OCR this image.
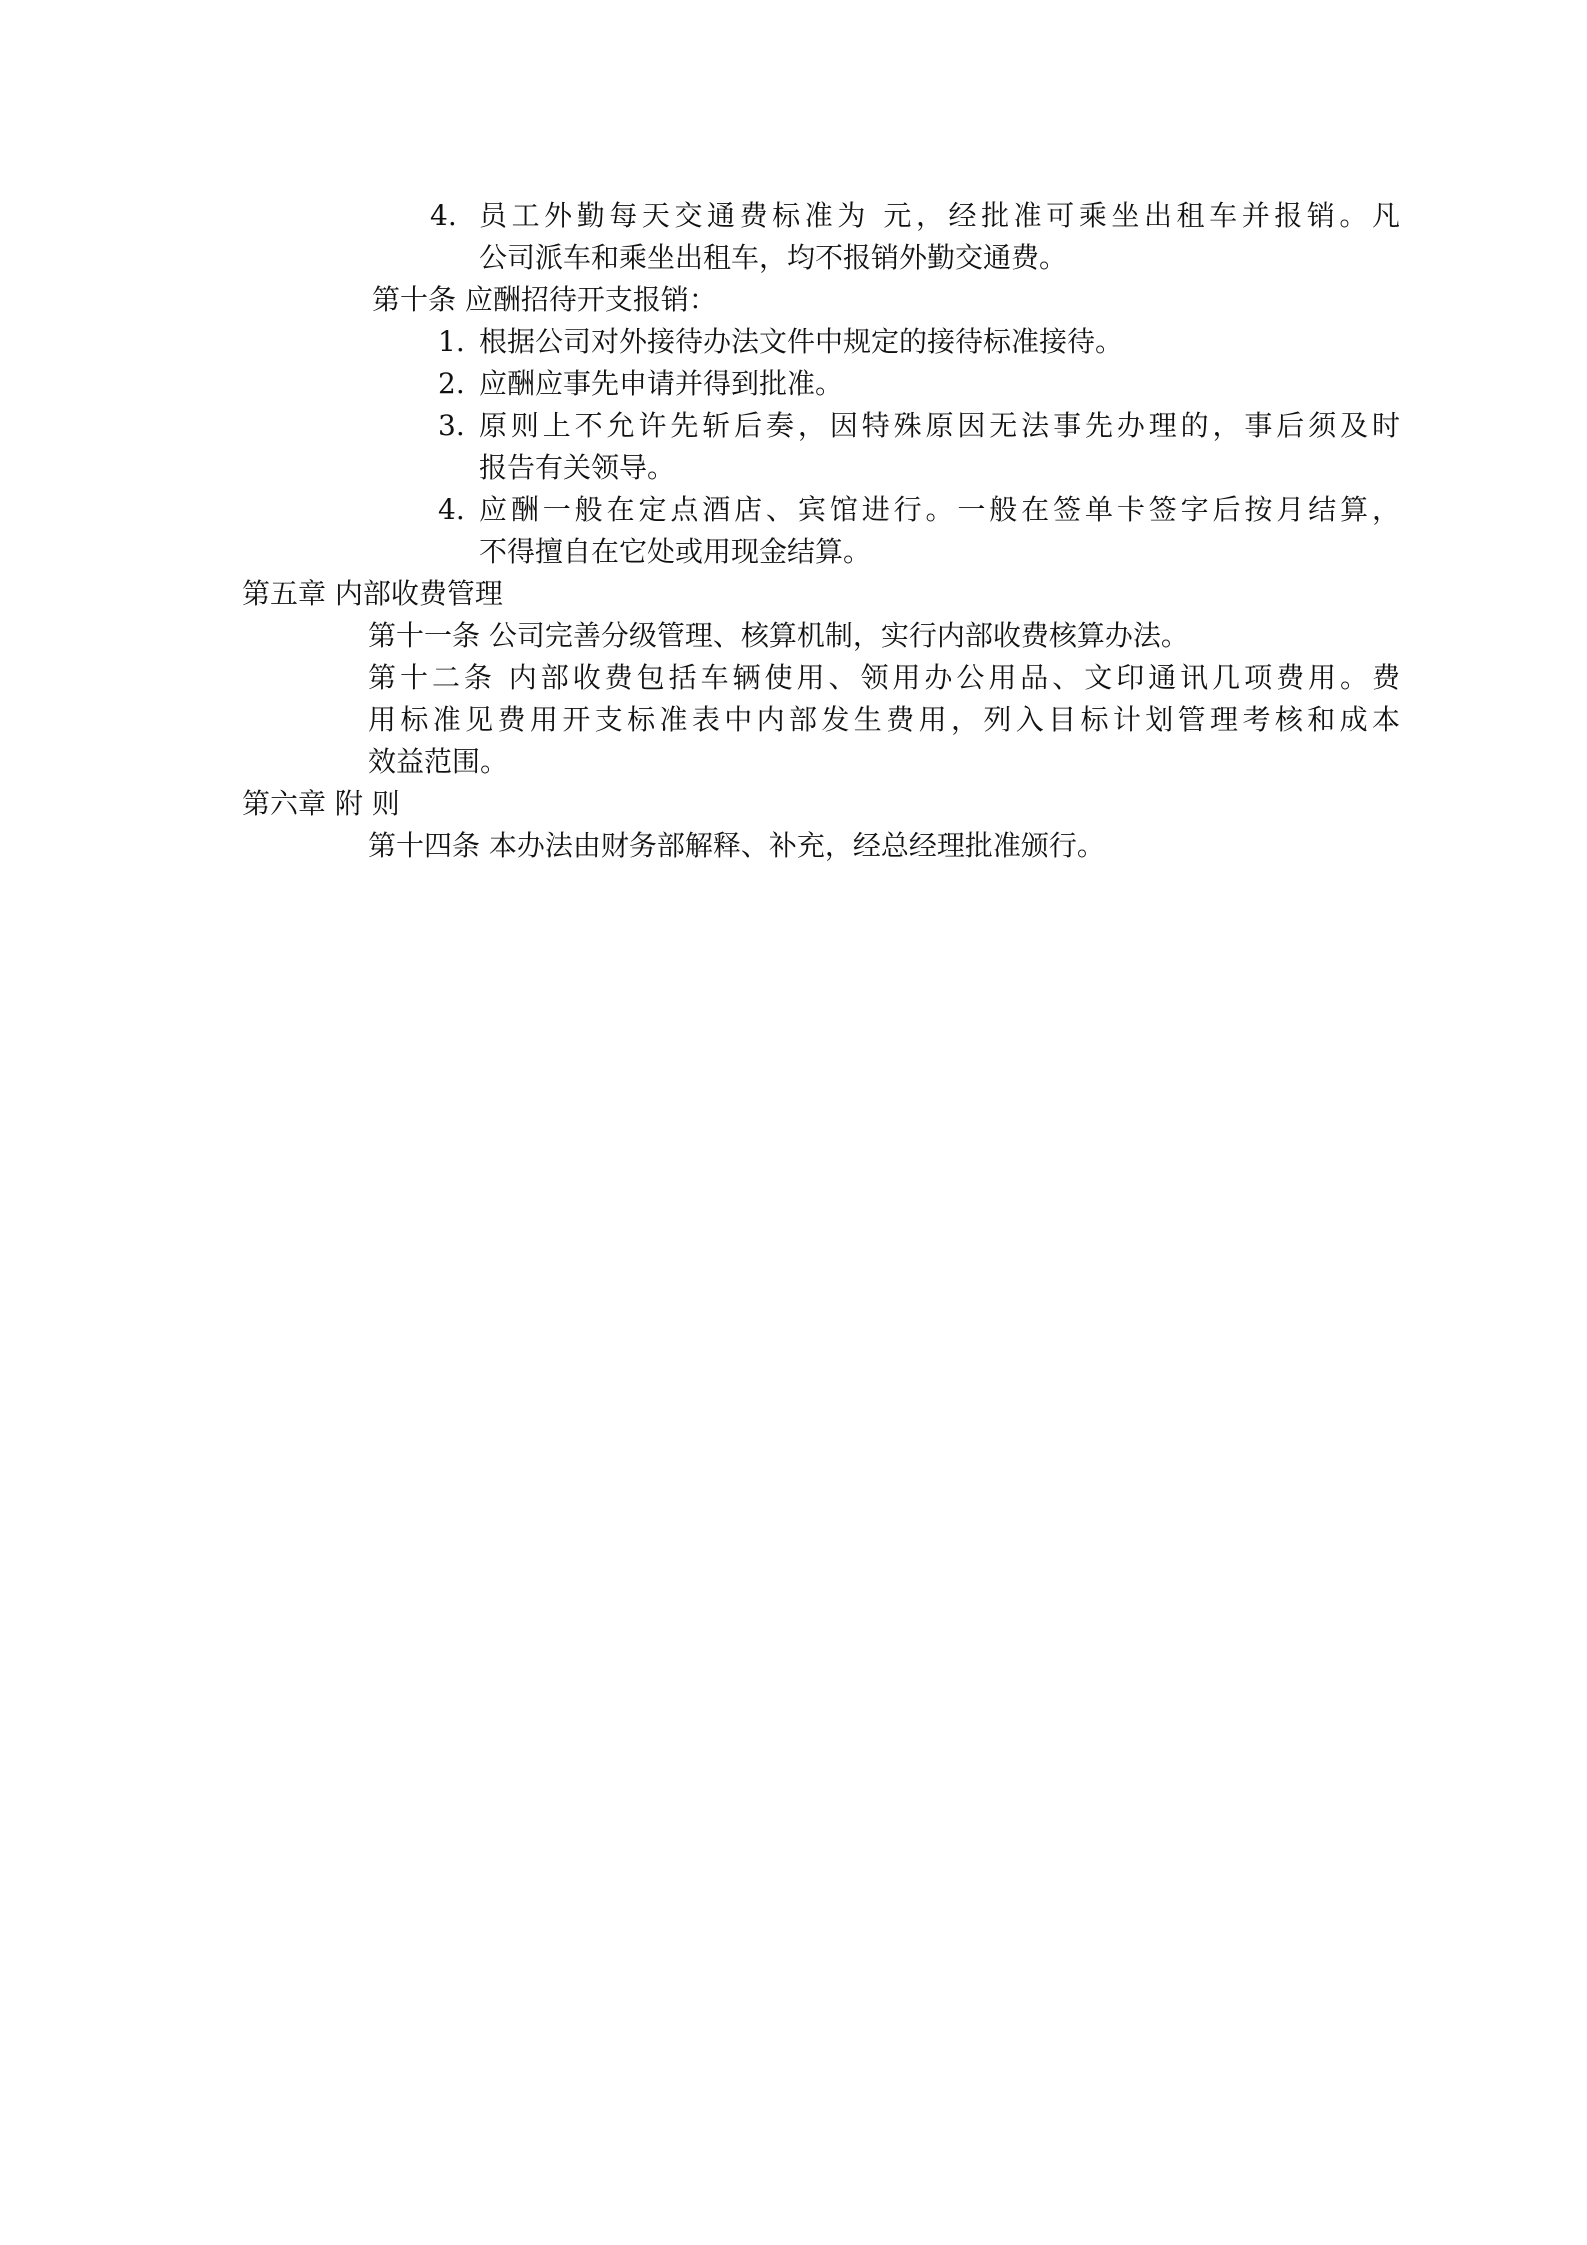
4. 员工外勤每天交通费标准为 元，经批准可乘坐出租车并报销。凡
公司派车和乘坐出租车，均不报销外勤交通费。
第十条 应酬招待开支报销：
1. 根据公司对外接待办法文件中规定的接待标准接待。
2. 应酬应事先申请并得到批准。
3. 原则上不允许先斩后奏，因特殊原因无法事先办理的，事后须及时
报告有关领导。
4. 应酬一般在定点酒店、宾馆进行。一般在签单卡签字后按月结算，
不得擅自在它处或用现金结算。
第五章 内部收费管理
第十一条 公司完善分级管理、核算机制，实行内部收费核算办法。
第十二条 内部收费包括车辆使用、领用办公用品、文印通讯几项费用。费
用标准见费用开支标准表中内部发生费用，列入目标计划管理考核和成本
效益范围。
第六章 附 则
第十四条 本办法由财务部解释、补充，经总经理批准颁行。
